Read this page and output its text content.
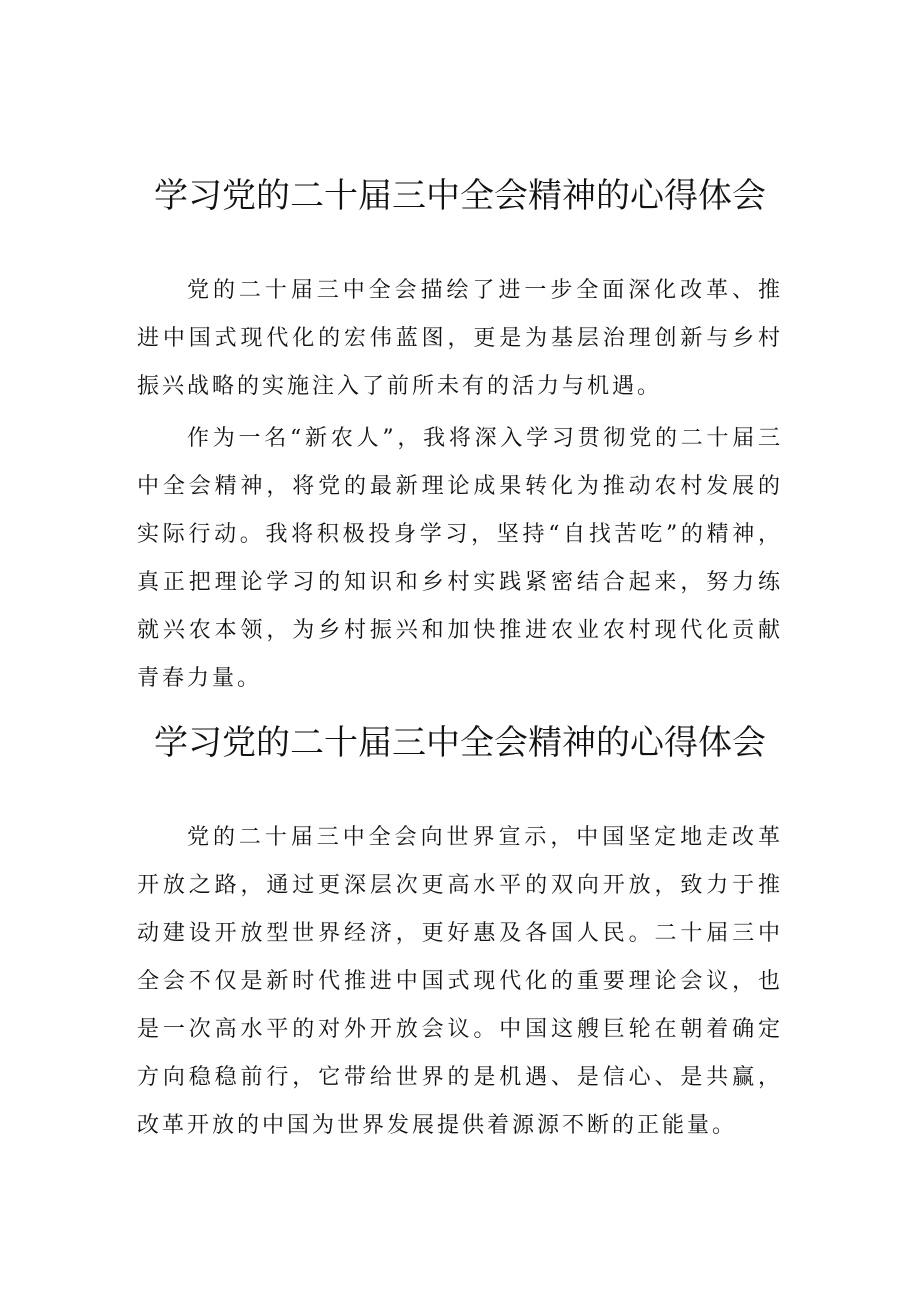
学习党的二十届三中全会精神的心得体会

党的二十届三中全会描绘了进一步全面深化改革、推进中国式现代化的宏伟蓝图，更是为基层治理创新与乡村振兴战略的实施注入了前所未有的活力与机遇。

作为一名“新农人”，我将深入学习贯彻党的二十届三中全会精神，将党的最新理论成果转化为推动农村发展的实际行动。我将积极投身学习，坚持“自找苦吃”的精神，真正把理论学习的知识和乡村实践紧密结合起来，努力练就兴农本领，为乡村振兴和加快推进农业农村现代化贡献青春力量。

学习党的二十届三中全会精神的心得体会

党的二十届三中全会向世界宣示，中国坚定地走改革开放之路，通过更深层次更高水平的双向开放，致力于推动建设开放型世界经济，更好惠及各国人民。二十届三中全会不仅是新时代推进中国式现代化的重要理论会议，也是一次高水平的对外开放会议。中国这艘巨轮在朝着确定方向稳稳前行，它带给世界的是机遇、是信心、是共赢，改革开放的中国为世界发展提供着源源不断的正能量。
